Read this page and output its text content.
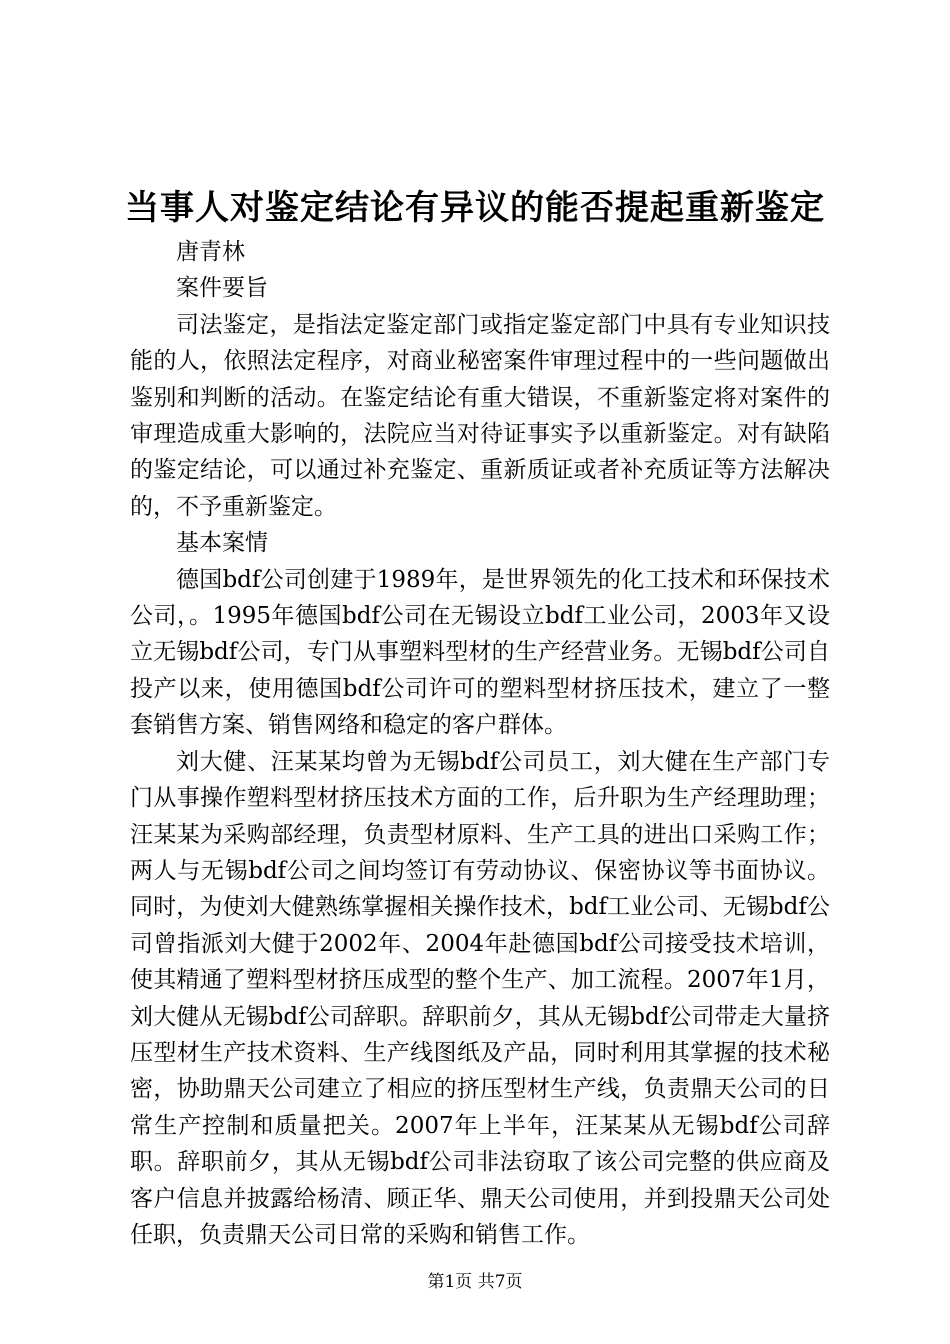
当事人对鉴定结论有异议的能否提起重新鉴定

唐青林

案件要旨

司法鉴定，是指法定鉴定部门或指定鉴定部门中具有专业知识技能的人，依照法定程序，对商业秘密案件审理过程中的一些问题做出鉴别和判断的活动。在鉴定结论有重大错误，不重新鉴定将对案件的审理造成重大影响的，法院应当对待证事实予以重新鉴定。对有缺陷的鉴定结论，可以通过补充鉴定、重新质证或者补充质证等方法解决的，不予重新鉴定。

基本案情

德国bdf公司创建于1989年，是世界领先的化工技术和环保技术公司，。1995年德国bdf公司在无锡设立bdf工业公司，2003年又设立无锡bdf公司，专门从事塑料型材的生产经营业务。无锡bdf公司自投产以来，使用德国bdf公司许可的塑料型材挤压技术，建立了一整套销售方案、销售网络和稳定的客户群体。

刘大健、汪某某均曾为无锡bdf公司员工，刘大健在生产部门专门从事操作塑料型材挤压技术方面的工作，后升职为生产经理助理；汪某某为采购部经理，负责型材原料、生产工具的进出口采购工作；两人与无锡bdf公司之间均签订有劳动协议、保密协议等书面协议。同时，为使刘大健熟练掌握相关操作技术，bdf工业公司、无锡bdf公司曾指派刘大健于2002年、2004年赴德国bdf公司接受技术培训，使其精通了塑料型材挤压成型的整个生产、加工流程。2007年1月，刘大健从无锡bdf公司辞职。辞职前夕，其从无锡bdf公司带走大量挤压型材生产技术资料、生产线图纸及产品，同时利用其掌握的技术秘密，协助鼎天公司建立了相应的挤压型材生产线，负责鼎天公司的日常生产控制和质量把关。2007年上半年，汪某某从无锡bdf公司辞职。辞职前夕，其从无锡bdf公司非法窃取了该公司完整的供应商及客户信息并披露给杨清、顾正华、鼎天公司使用，并到投鼎天公司处任职，负责鼎天公司日常的采购和销售工作。

第1页 共7页
